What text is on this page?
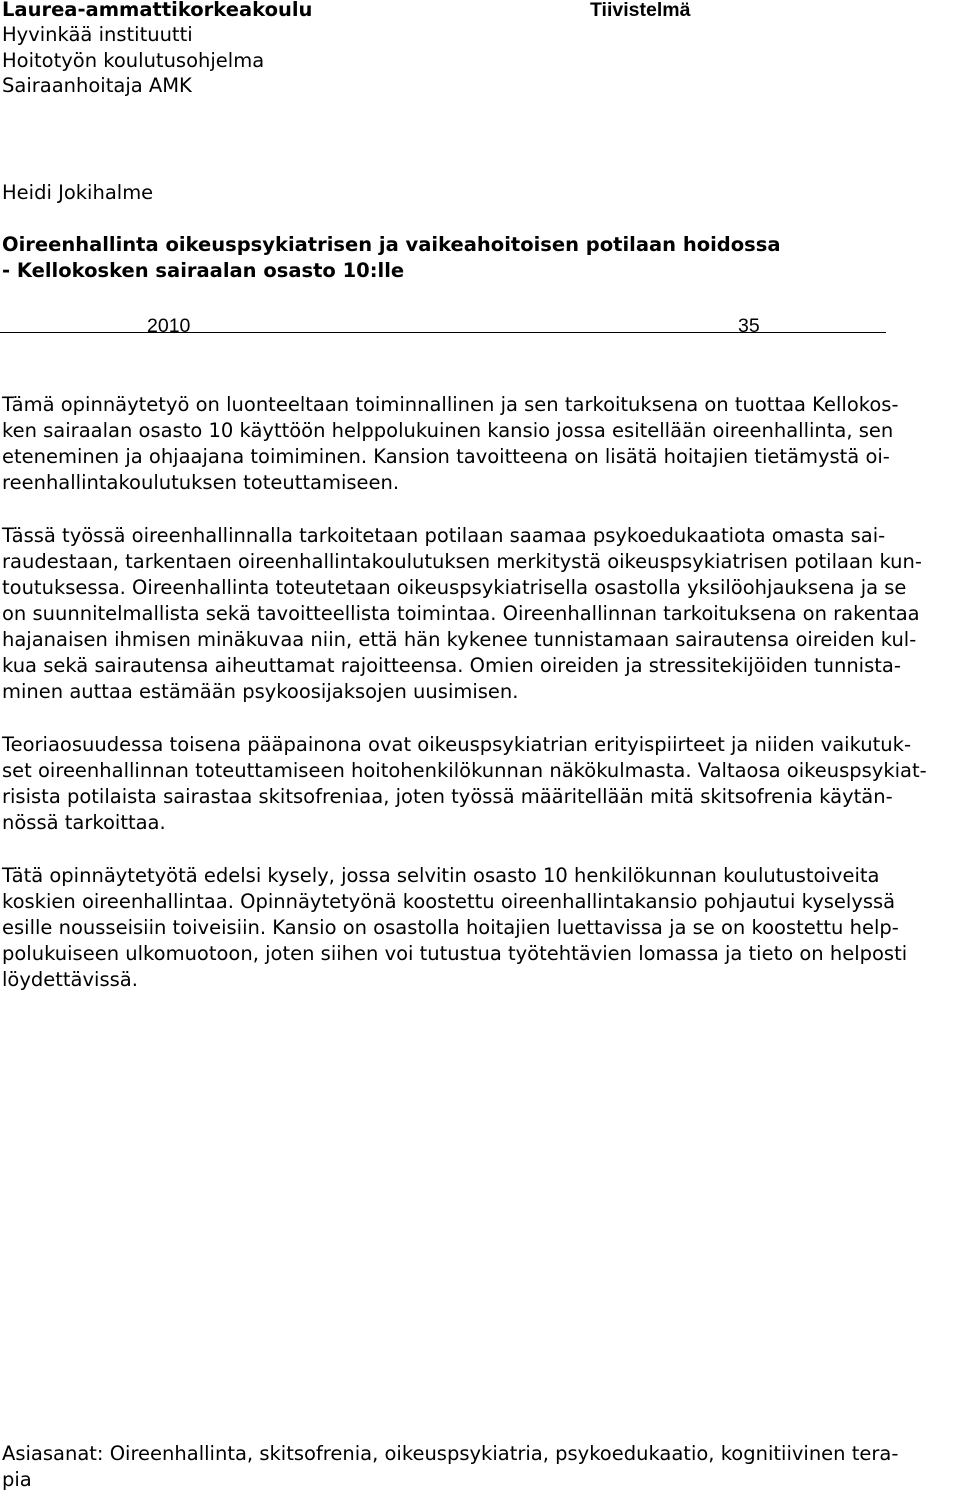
Laurea-ammattikorkeakoulu	Tiivistelmä
Hyvinkää instituutti
Hoitotyön koulutusohjelma
Sairaanhoitaja AMK
Heidi Jokihalme
Oireenhallinta oikeuspsykiatrisen ja vaikeahoitoisen potilaan hoidossa
- Kellokosken sairaalan osasto 10:lle
2010	35
Tämä opinnäytetyö on luonteeltaan toiminnallinen ja sen tarkoituksena on tuottaa Kellokos-
ken sairaalan osasto 10 käyttöön helppolukuinen kansio jossa esitellään oireenhallinta, sen
eteneminen ja ohjaajana toimiminen. Kansion tavoitteena on lisätä hoitajien tietämystä oi-
reenhallintakoulutuksen toteuttamiseen.
Tässä työssä oireenhallinnalla tarkoitetaan potilaan saamaa psykoedukaatiota omasta sai-
raudestaan, tarkentaen oireenhallintakoulutuksen merkitystä oikeuspsykiatrisen potilaan kun-
toutuksessa. Oireenhallinta toteutetaan oikeuspsykiatrisella osastolla yksilöohjauksena ja se
on suunnitelmallista sekä tavoitteellista toimintaa. Oireenhallinnan tarkoituksena on rakentaa
hajanaisen ihmisen minäkuvaa niin, että hän kykenee tunnistamaan sairautensa oireiden kul-
kua sekä sairautensa aiheuttamat rajoitteensa. Omien oireiden ja stressitekijöiden tunnista-
minen auttaa estämään psykoosijaksojen uusimisen.
Teoriaosuudessa toisena pääpainona ovat oikeuspsykiatrian erityispiirteet ja niiden vaikutuk-
set oireenhallinnan toteuttamiseen hoitohenkilökunnan näkökulmasta. Valtaosa oikeuspsykiat-
risista potilaista sairastaa skitsofreniaa, joten työssä määritellään mitä skitsofrenia käytän-
nössä tarkoittaa.
Tätä opinnäytetyötä edelsi kysely, jossa selvitin osasto 10 henkilökunnan koulutustoiveita
koskien oireenhallintaa. Opinnäytetyönä koostettu oireenhallintakansio pohjautui kyselyssä
esille nousseisiin toiveisiin. Kansio on osastolla hoitajien luettavissa ja se on koostettu help-
polukuiseen ulkomuotoon, joten siihen voi tutustua työtehtävien lomassa ja tieto on helposti
löydettävissä.
Asiasanat: Oireenhallinta, skitsofrenia, oikeuspsykiatria, psykoedukaatio, kognitiivinen tera-
pia
